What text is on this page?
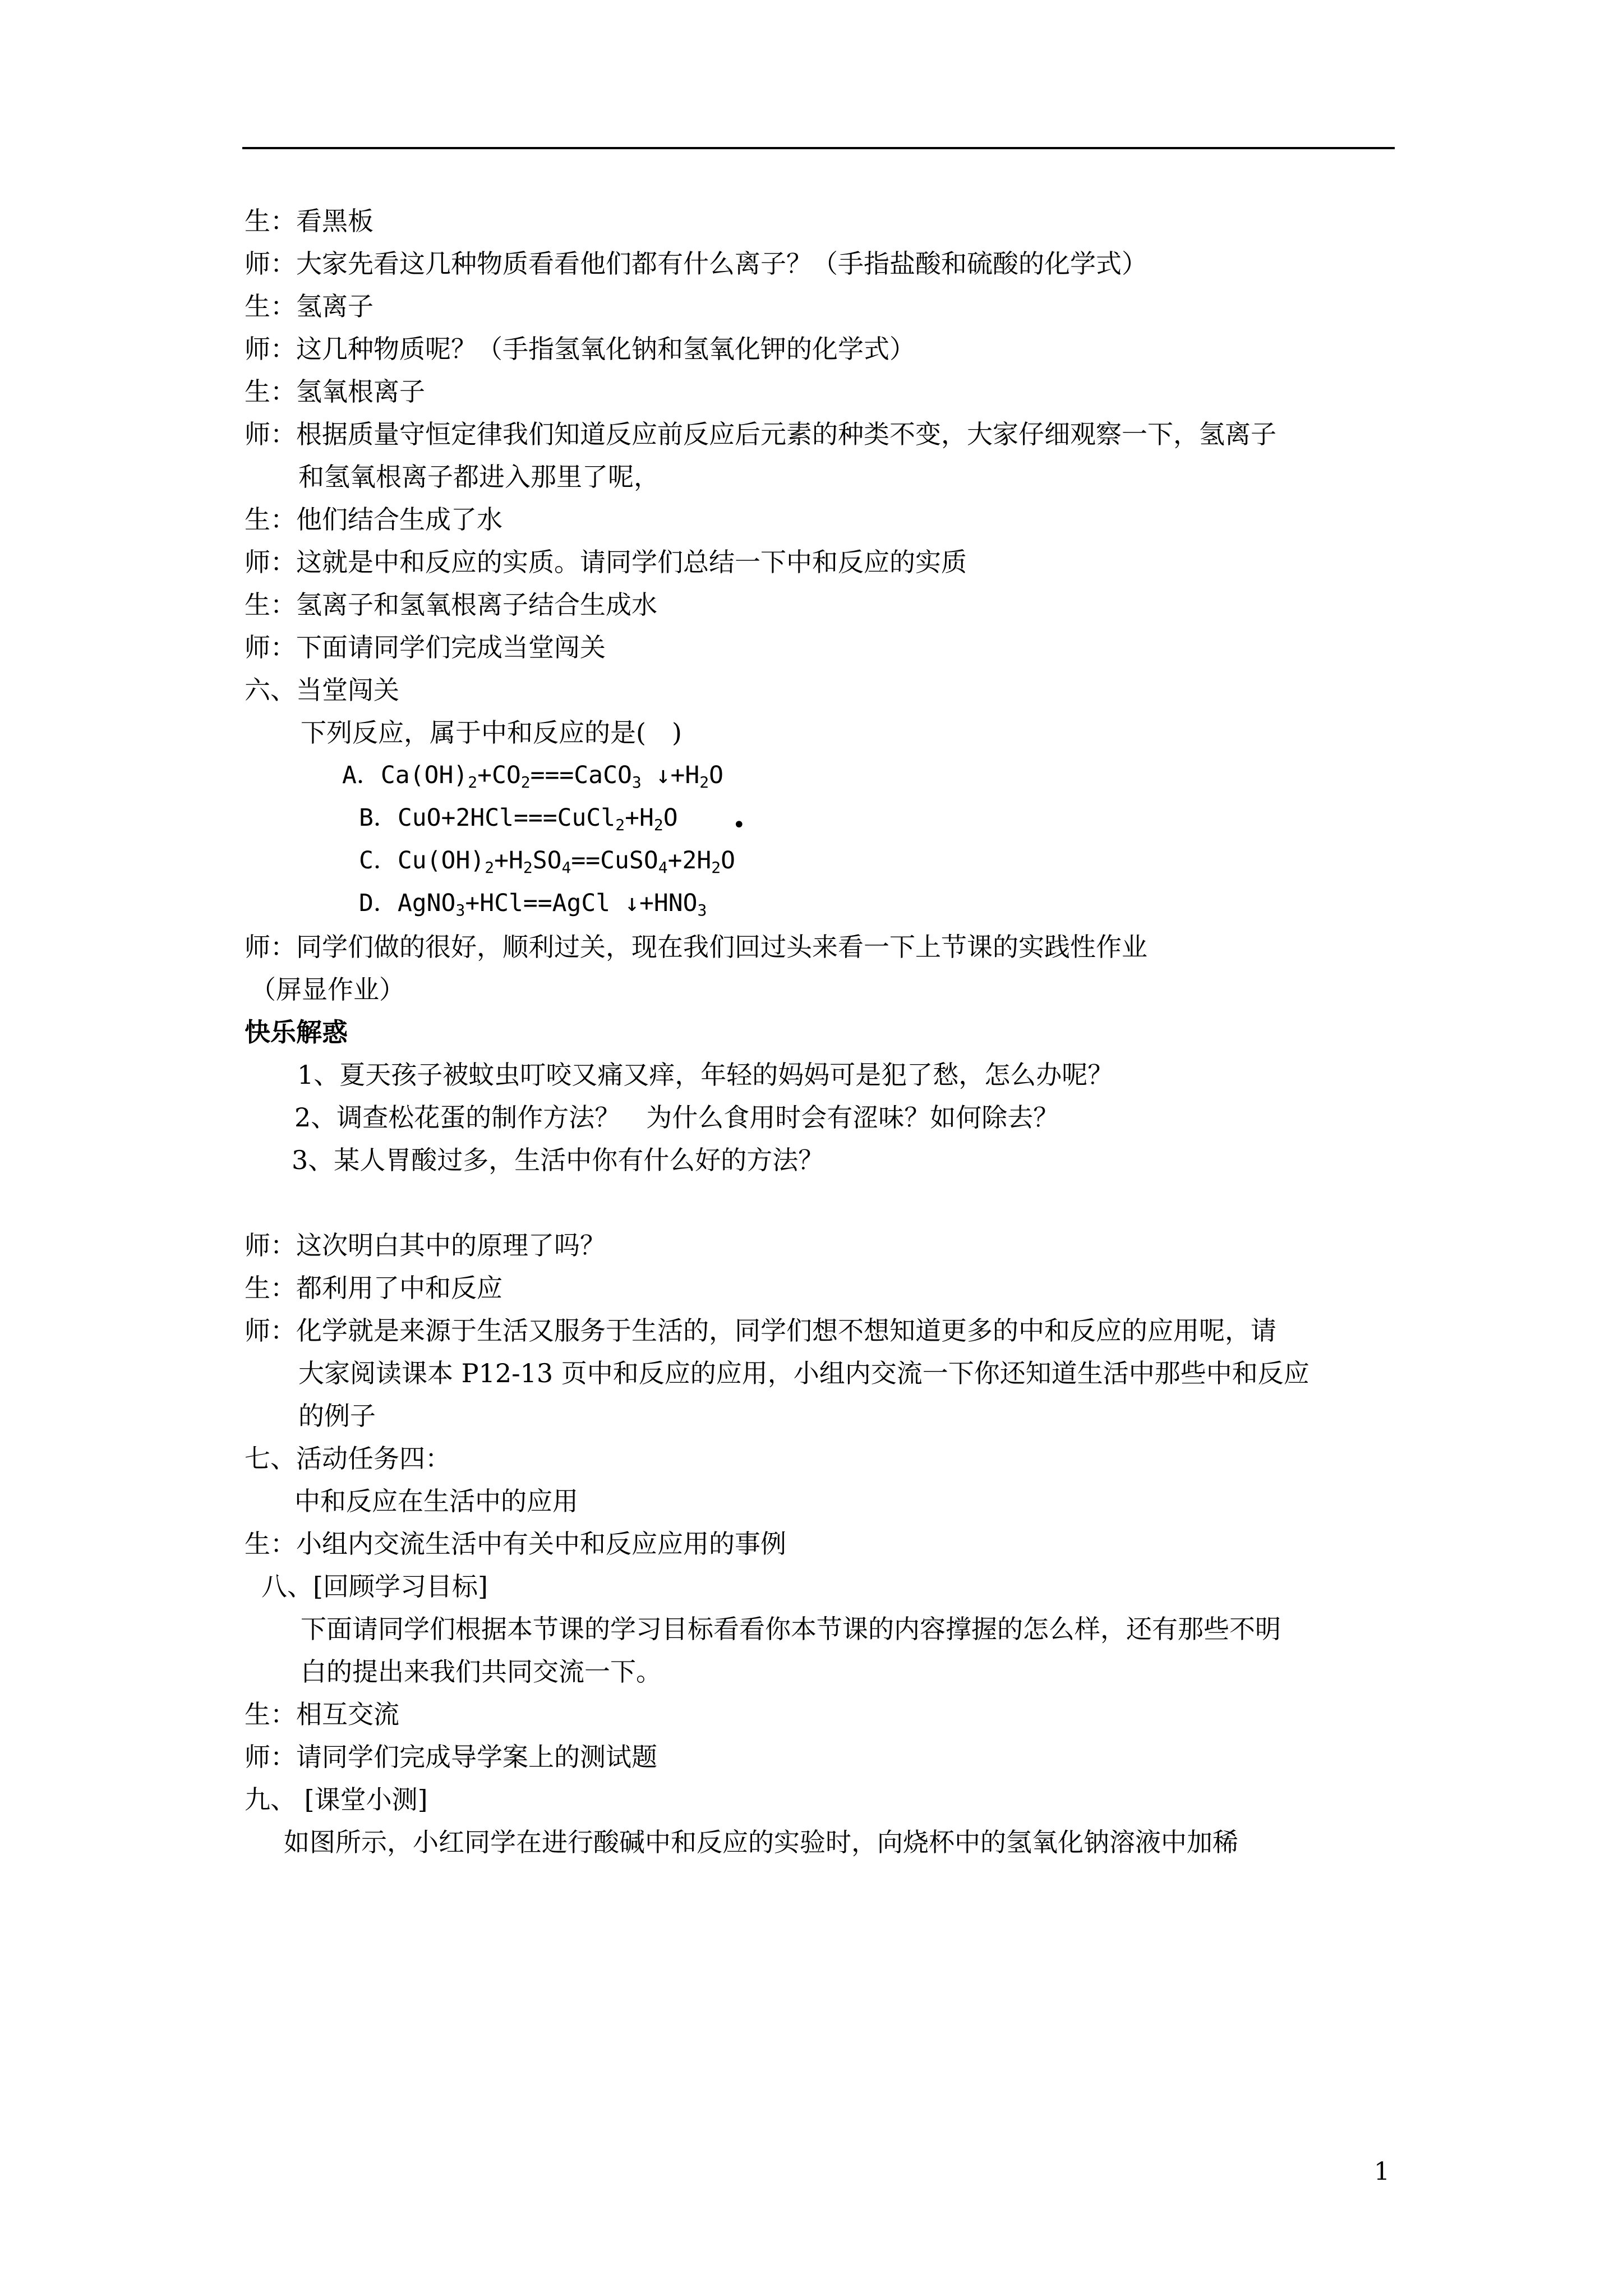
生：看黑板
师：大家先看这几种物质看看他们都有什么离子？（手指盐酸和硫酸的化学式）
生：氢离子
师：这几种物质呢？（手指氢氧化钠和氢氧化钾的化学式）
生：氢氧根离子
师：根据质量守恒定律我们知道反应前反应后元素的种类不变，大家仔细观察一下，氢离子
和氢氧根离子都进入那里了呢，
生：他们结合生成了水
师：这就是中和反应的实质。请同学们总结一下中和反应的实质
生：氢离子和氢氧根离子结合生成水
师：下面请同学们完成当堂闯关
六、当堂闯关
下列反应，属于中和反应的是(　)
A．$Ca(OH)_2+CO_2===CaCO_3$ $↓+H_2O$
B．$CuO+2HCl===CuCl_2+H_2O$	•
C．$Cu(OH)_2+H_2SO_4==CuSO_4+2H_2O$
D．AgNO$_3$+HCl==AgCl $↓+HNO_3$
师：同学们做的很好，顺利过关，现在我们回过头来看一下上节课的实践性作业
（屏显作业）
快乐解惑
1、夏天孩子被蚊虫叮咬又痛又痒，年轻的妈妈可是犯了愁，怎么办呢？
2、调查松花蛋的制作方法？　为什么食用时会有涩味？如何除去？
3、某人胃酸过多，生活中你有什么好的方法？
师：这次明白其中的原理了吗？
生：都利用了中和反应
师：化学就是来源于生活又服务于生活的，同学们想不想知道更多的中和反应的应用呢，请
大家阅读课本 P12-13 页中和反应的应用，小组内交流一下你还知道生活中那些中和反应
的例子
七、活动任务四：
中和反应在生活中的应用
生：小组内交流生活中有关中和反应应用的事例
八、[回顾学习目标]
下面请同学们根据本节课的学习目标看看你本节课的内容撑握的怎么样，还有那些不明
白的提出来我们共同交流一下。
生：相互交流
师：请同学们完成导学案上的测试题
九、 [课堂小测]
如图所示，小红同学在进行酸碱中和反应的实验时，向烧杯中的氢氧化钠溶液中加稀
1
